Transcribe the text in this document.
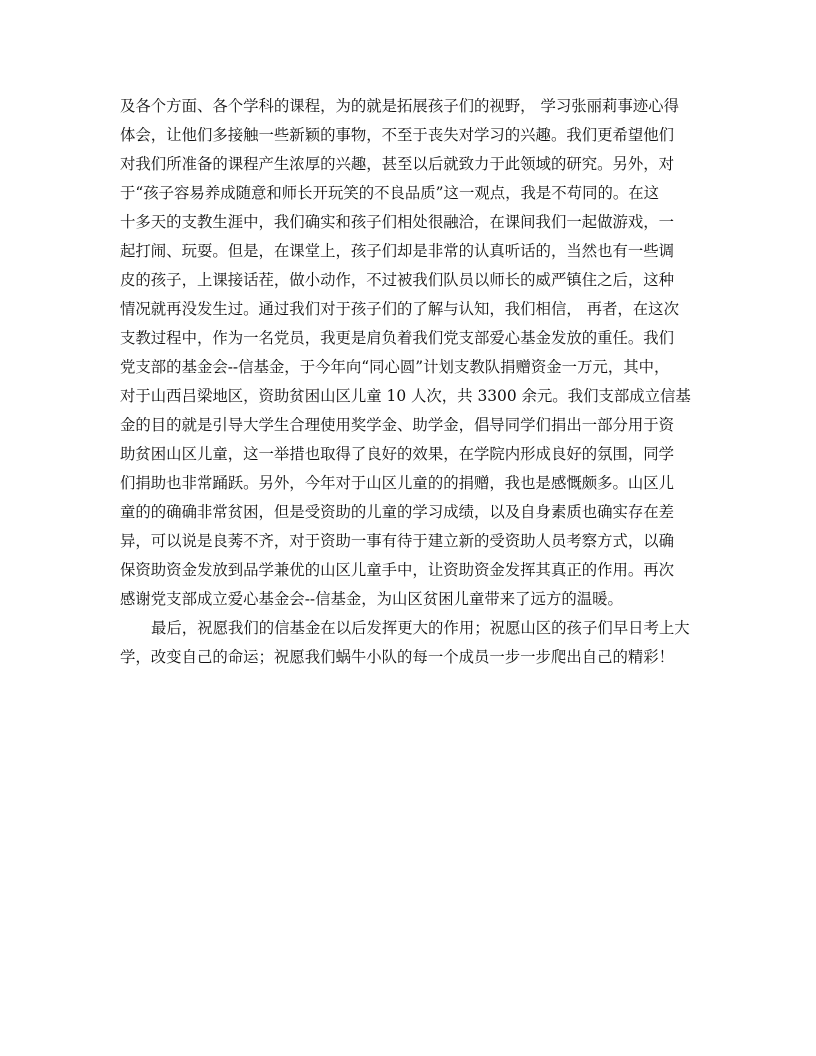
及各个方面、各个学科的课程，为的就是拓展孩子们的视野， 学习张丽莉事迹心得
体会，让他们多接触一些新颖的事物，不至于丧失对学习的兴趣。我们更希望他们
对我们所准备的课程产生浓厚的兴趣，甚至以后就致力于此领域的研究。另外，对
于“孩子容易养成随意和师长开玩笑的不良品质”这一观点，我是不苟同的。在这
十多天的支教生涯中，我们确实和孩子们相处很融洽，在课间我们一起做游戏，一
起打闹、玩耍。但是，在课堂上，孩子们却是非常的认真听话的，当然也有一些调
皮的孩子，上课接话茬，做小动作，不过被我们队员以师长的威严镇住之后，这种
情况就再没发生过。通过我们对于孩子们的了解与认知，我们相信， 再者，在这次
支教过程中，作为一名党员，我更是肩负着我们党支部爱心基金发放的重任。我们
党支部的基金会--信基金，于今年向“同心圆”计划支教队捐赠资金一万元，其中，
对于山西吕梁地区，资助贫困山区儿童 10 人次，共 3300 余元。我们支部成立信基
金的目的就是引导大学生合理使用奖学金、助学金，倡导同学们捐出一部分用于资
助贫困山区儿童，这一举措也取得了良好的效果，在学院内形成良好的氛围，同学
们捐助也非常踊跃。另外，今年对于山区儿童的的捐赠，我也是感慨颇多。山区儿
童的的确确非常贫困，但是受资助的儿童的学习成绩，以及自身素质也确实存在差
异，可以说是良莠不齐，对于资助一事有待于建立新的受资助人员考察方式，以确
保资助资金发放到品学兼优的山区儿童手中，让资助资金发挥其真正的作用。再次
感谢党支部成立爱心基金会--信基金，为山区贫困儿童带来了远方的温暖。
最后，祝愿我们的信基金在以后发挥更大的作用；祝愿山区的孩子们早日考上大
学，改变自己的命运；祝愿我们蜗牛小队的每一个成员一步一步爬出自己的精彩！
